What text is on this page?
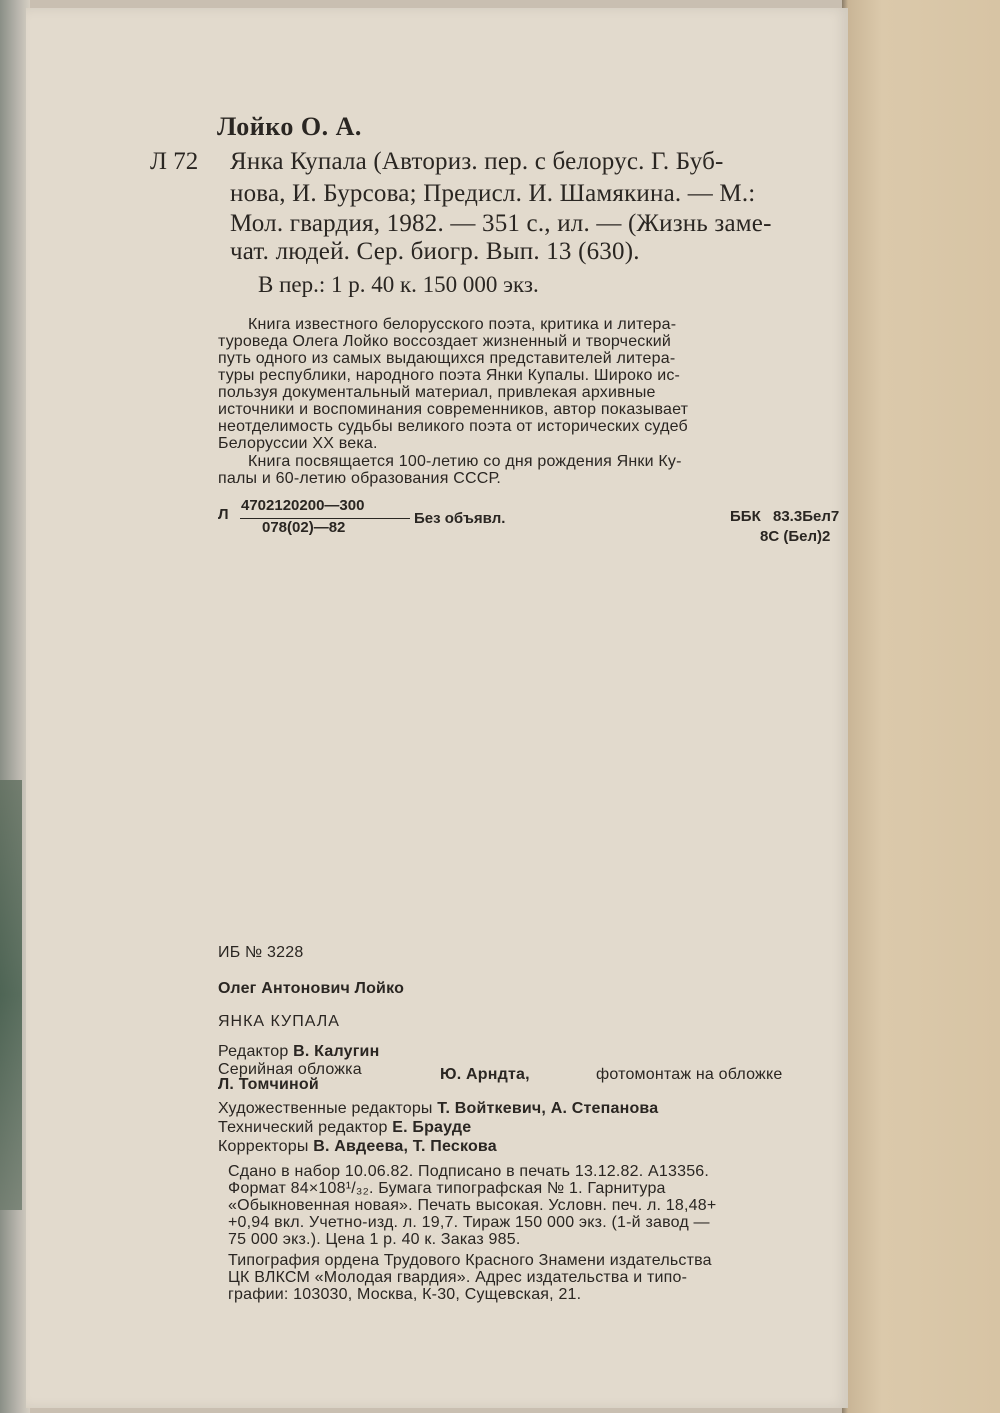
Лойко О. А.
Л 72 Янка Купала (Авториз. пер. с белорус. Г. Буб-
нова, И. Бурсова; Предисл. И. Шамякина. — М.:
Мол. гвардия, 1982. — 351 с., ил. — (Жизнь заме-
чат. людей. Сер. биогр. Вып. 13 (630).
В пер.: 1 р. 40 к. 150 000 экз.
Книга известного белорусского поэта, критика и литера-
туроведа Олега Лойко воссоздает жизненный и творческий
путь одного из самых выдающихся представителей литера-
туры республики, народного поэта Янки Купалы. Широко ис-
пользуя документальный материал, привлекая архивные
источники и воспоминания современников, автор показывает
неотделимость судьбы великого поэта от исторических судеб
Белоруссии XX века.
Книга посвящается 100-летию со дня рождения Янки Ку-
палы и 60-летию образования СССР.
Л
4702120200—300
078(02)—82
Без объявл.	ББК 83.3Бел7
8С (Бел)2
ИБ № 3228
Олег Антонович Лойко
ЯНКА КУПАЛА
Редактор В. Калугин
Серийная обложка	Ю. Арндта,	фотомонтаж на обложке
Л. Томчиной
Художественные редакторы Т. Войткевич, А. Степанова
Технический редактор Е. Брауде
Корректоры В. Авдеева, Т. Пескова
Сдано в набор 10.06.82. Подписано в печать 13.12.82. А13356.
Формат 84×108¹/₃₂. Бумага типографская № 1. Гарнитура
«Обыкновенная новая». Печать высокая. Условн. печ. л. 18,48+
+0,94 вкл. Учетно-изд. л. 19,7. Тираж 150 000 экз. (1-й завод —
75 000 экз.). Цена 1 р. 40 к. Заказ 985.
Типография ордена Трудового Красного Знамени издательства
ЦК ВЛКСМ «Молодая гвардия». Адрес издательства и типо-
графии: 103030, Москва, К-30, Сущевская, 21.
